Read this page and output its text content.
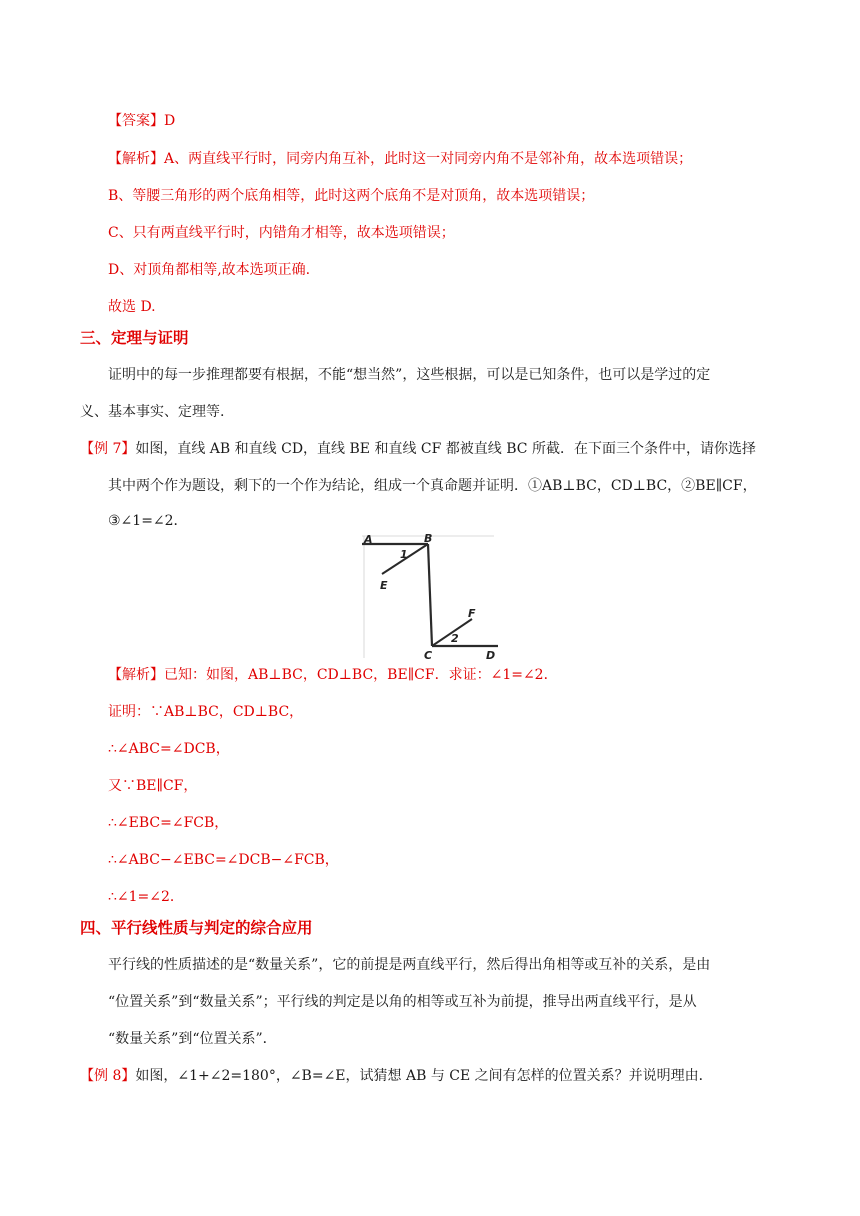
【答案】D
【解析】A、两直线平行时，同旁内角互补，此时这一对同旁内角不是邻补角，故本选项错误；
B、等腰三角形的两个底角相等，此时这两个底角不是对顶角，故本选项错误；
C、只有两直线平行时，内错角才相等，故本选项错误；
D、对顶角都相等,故本选项正确.
故选 D.
三、定理与证明
证明中的每一步推理都要有根据，不能“想当然”，这些根据，可以是已知条件，也可以是学过的定
义、基本事实、定理等.
【例 7】如图，直线 AB 和直线 CD，直线 BE 和直线 CF 都被直线 BC 所截．在下面三个条件中，请你选择
其中两个作为题设，剩下的一个作为结论，组成一个真命题并证明．①AB⊥BC，CD⊥BC，②BE∥CF，
③∠1=∠2．
A	B
E
F
C	D
1
2
【解析】已知：如图，AB⊥BC，CD⊥BC，BE∥CF．求证：∠1=∠2．
证明：∵AB⊥BC，CD⊥BC，
∴∠ABC=∠DCB，
又∵BE∥CF，
∴∠EBC=∠FCB，
∴∠ABC−∠EBC=∠DCB−∠FCB，
∴∠1=∠2．
四、平行线性质与判定的综合应用
平行线的性质描述的是“数量关系”，它的前提是两直线平行，然后得出角相等或互补的关系，是由
“位置关系”到“数量关系”；平行线的判定是以角的相等或互补为前提，推导出两直线平行，是从
“数量关系”到“位置关系”．
【例 8】如图，∠1+∠2=180°，∠B=∠E，试猜想 AB 与 CE 之间有怎样的位置关系？并说明理由．
